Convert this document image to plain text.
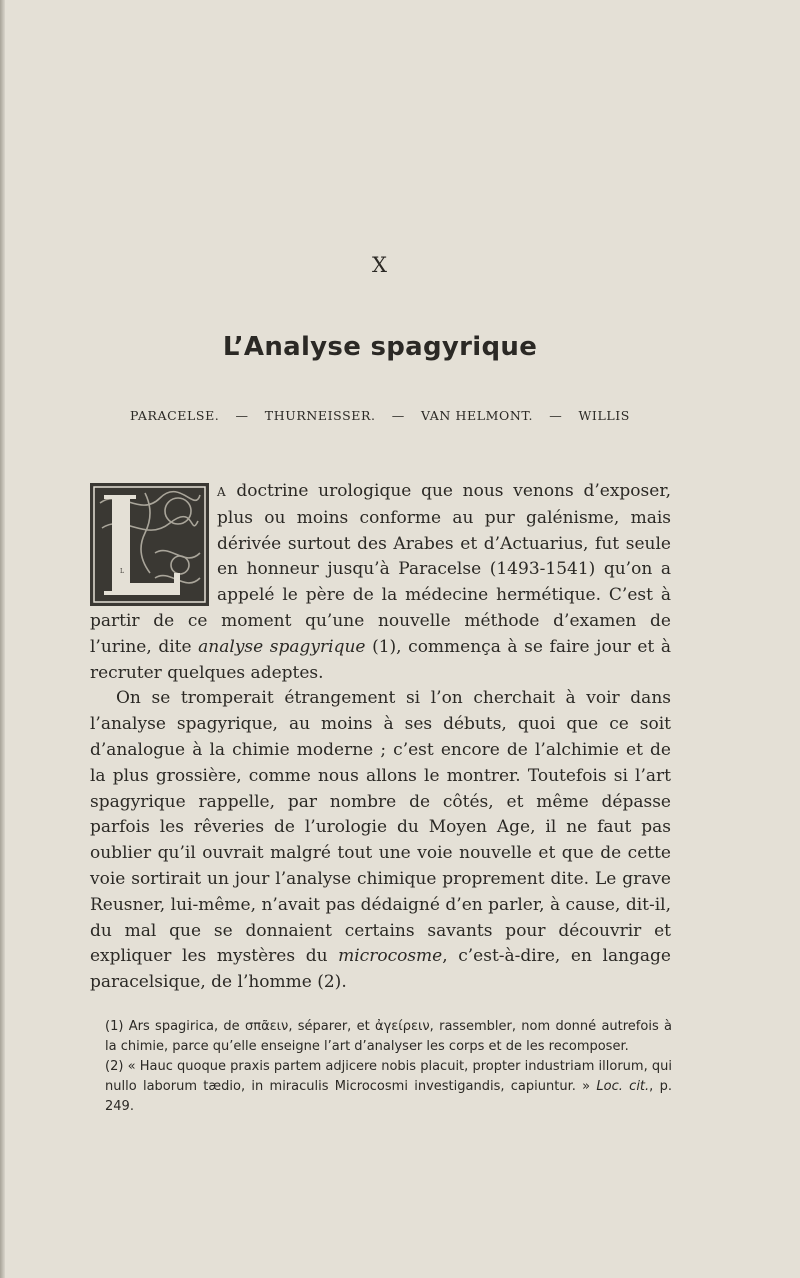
X
L’Analyse spagyrique
PARACELSE. — THURNEISSER. — VAN HELMONT. — WILLIS
L

A doctrine urologique que nous venons d’exposer, plus ou moins conforme au pur galénisme, mais dérivée surtout des Arabes et d’Actuarius, fut seule en honneur jusqu’à Paracelse (1493-1541) qu’on a appelé le père de la médecine hermétique. C’est à partir de ce moment qu’une nouvelle méthode d’examen de l’urine, dite analyse spagyrique (1), commença à se faire jour et à recruter quelques adeptes.

On se tromperait étrangement si l’on cherchait à voir dans l’analyse spagyrique, au moins à ses débuts, quoi que ce soit d’analogue à la chimie moderne ; c’est encore de l’alchimie et de la plus grossière, comme nous allons le montrer. Toutefois si l’art spagyrique rappelle, par nombre de côtés, et même dépasse parfois les rêveries de l’urologie du Moyen Age, il ne faut pas oublier qu’il ouvrait malgré tout une voie nouvelle et que de cette voie sortirait un jour l’analyse chimique proprement dite. Le grave Reusner, lui-même, n’avait pas dédaigné d’en parler, à cause, dit-il, du mal que se donnaient certains savants pour découvrir et expliquer les mystères du microcosme, c’est-à-dire, en langage paracelsique, de l’homme (2).

(1) Ars spagirica, de σπᾶειν, séparer, et ἀγείρειν, rassembler, nom donné autrefois à la chimie, parce qu’elle enseigne l’art d’analyser les corps et de les recomposer.

(2) « Hauc quoque praxis partem adjicere nobis placuit, propter industriam illorum, qui nullo laborum tædio, in miraculis Microcosmi investigandis, capiuntur. » Loc. cit., p. 249.
